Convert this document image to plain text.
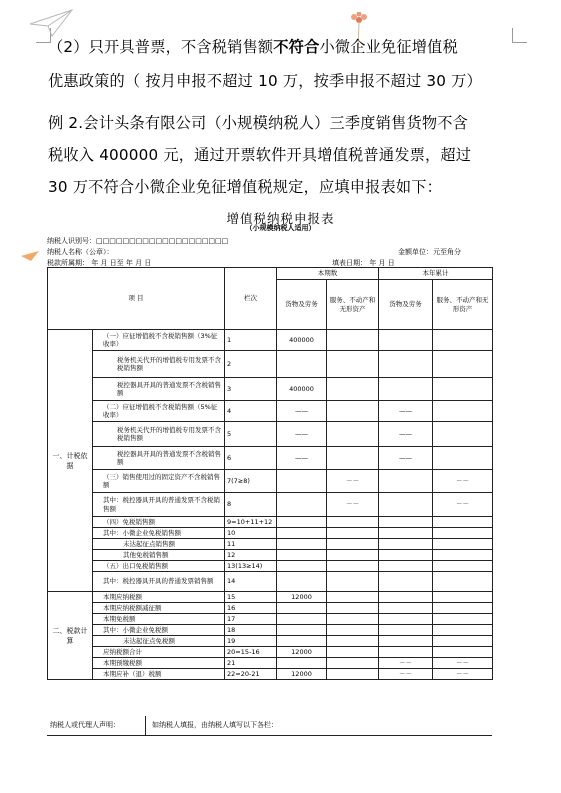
（2）只开具普票，不含税销售额不符合小微企业免征增值税
优惠政策的（ 按月申报不超过 10 万，按季申报不超过 30 万）
例 2.会计头条有限公司（小规模纳税人）三季度销售货物不含
税收入 400000 元，通过开票软件开具增值税普通发票，超过
30 万不符合小微企业免征增值税规定，应填申报表如下：
增值税纳税申报表
（小规模纳税人适用）
纳税人识别号：□□□□□□□□□□□□□□□□□□□□
纳税人名称（公章）：	金额单位：元至角分
税款所属期： 年 月 日至 年 月 日	填表日期： 年 月 日
项 目		栏次	本期数		本年累计	
			货物及劳务	服务、不动产和无形资产	货物及劳务	服务、不动产和无形资产
一、计税依据	（一）应征增值税不含税销售额（3%征收率）	1	400000			
	税务机关代开的增值税专用发票不含税销售额	2				
	税控器具开具的普通发票不含税销售额	3	400000			
	（二）应征增值税不含税销售额（5%征收率）	4	——		——	
	税务机关代开的增值税专用发票不含税销售额	5	——		——	
	税控器具开具的普通发票不含税销售额	6	——		——	
	（三）销售使用过的固定资产不含税销售额	7(7≥8)		－－		－－
	其中：税控器具开具的普通发票不含税销售额	8		－－		－－
	（四）免税销售额	9=10+11+12				
	其中：小微企业免税销售额	10				
	未达起征点销售额	11				
	其他免税销售额	12				
	（五）出口免税销售额	13(13≥14)				
	其中：税控器具开具的普通发票销售额	14				
二、税款计算	本期应纳税额	15	12000			
	本期应纳税额减征额	16				
	本期免税额	17				
	其中：小微企业免税额	18				
	未达起征点免税额	19				
	应纳税额合计	20=15-16	12000			
	本期预缴税额	21			－－	－－
	本期应补（退）税额	22=20-21	12000		－－	－－
纳税人或代理人声明：	如纳税人填报，由纳税人填写以下各栏：
